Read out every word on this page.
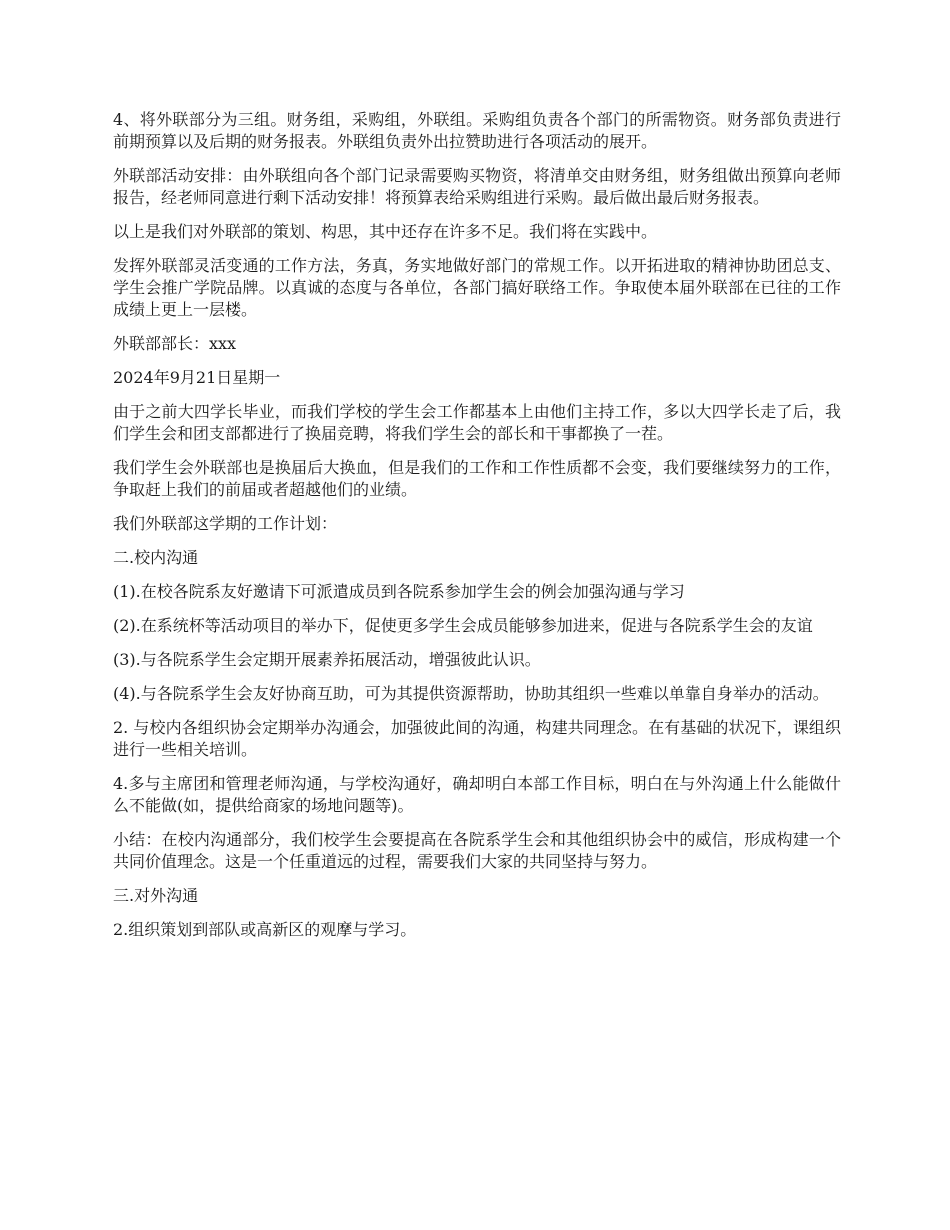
4、将外联部分为三组。财务组，采购组，外联组。采购组负责各个部门的所需物资。财务部负责进行前期预算以及后期的财务报表。外联组负责外出拉赞助进行各项活动的展开。

外联部活动安排：由外联组向各个部门记录需要购买物资，将清单交由财务组，财务组做出预算向老师报告，经老师同意进行剩下活动安排！将预算表给采购组进行采购。最后做出最后财务报表。

以上是我们对外联部的策划、构思，其中还存在许多不足。我们将在实践中。

发挥外联部灵活变通的工作方法，务真，务实地做好部门的常规工作。以开拓进取的精神协助团总支、学生会推广学院品牌。以真诚的态度与各单位，各部门搞好联络工作。争取使本届外联部在已往的工作成绩上更上一层楼。

外联部部长：xxx

2024年9月21日星期一

由于之前大四学长毕业，而我们学校的学生会工作都基本上由他们主持工作，多以大四学长走了后，我们学生会和团支部都进行了换届竞聘，将我们学生会的部长和干事都换了一茬。

我们学生会外联部也是换届后大换血，但是我们的工作和工作性质都不会变，我们要继续努力的工作，争取赶上我们的前届或者超越他们的业绩。

我们外联部这学期的工作计划：

二.校内沟通

(1).在校各院系友好邀请下可派遣成员到各院系参加学生会的例会加强沟通与学习

(2).在系统杯等活动项目的举办下，促使更多学生会成员能够参加进来，促进与各院系学生会的友谊

(3).与各院系学生会定期开展素养拓展活动，增强彼此认识。

(4).与各院系学生会友好协商互助，可为其提供资源帮助，协助其组织一些难以单靠自身举办的活动。

2. 与校内各组织协会定期举办沟通会，加强彼此间的沟通，构建共同理念。在有基础的状况下，课组织进行一些相关培训。

4.多与主席团和管理老师沟通，与学校沟通好，确却明白本部工作目标，明白在与外沟通上什么能做什么不能做(如，提供给商家的场地问题等)。

小结：在校内沟通部分，我们校学生会要提高在各院系学生会和其他组织协会中的威信，形成构建一个共同价值理念。这是一个任重道远的过程，需要我们大家的共同坚持与努力。

三.对外沟通

2.组织策划到部队或高新区的观摩与学习。
